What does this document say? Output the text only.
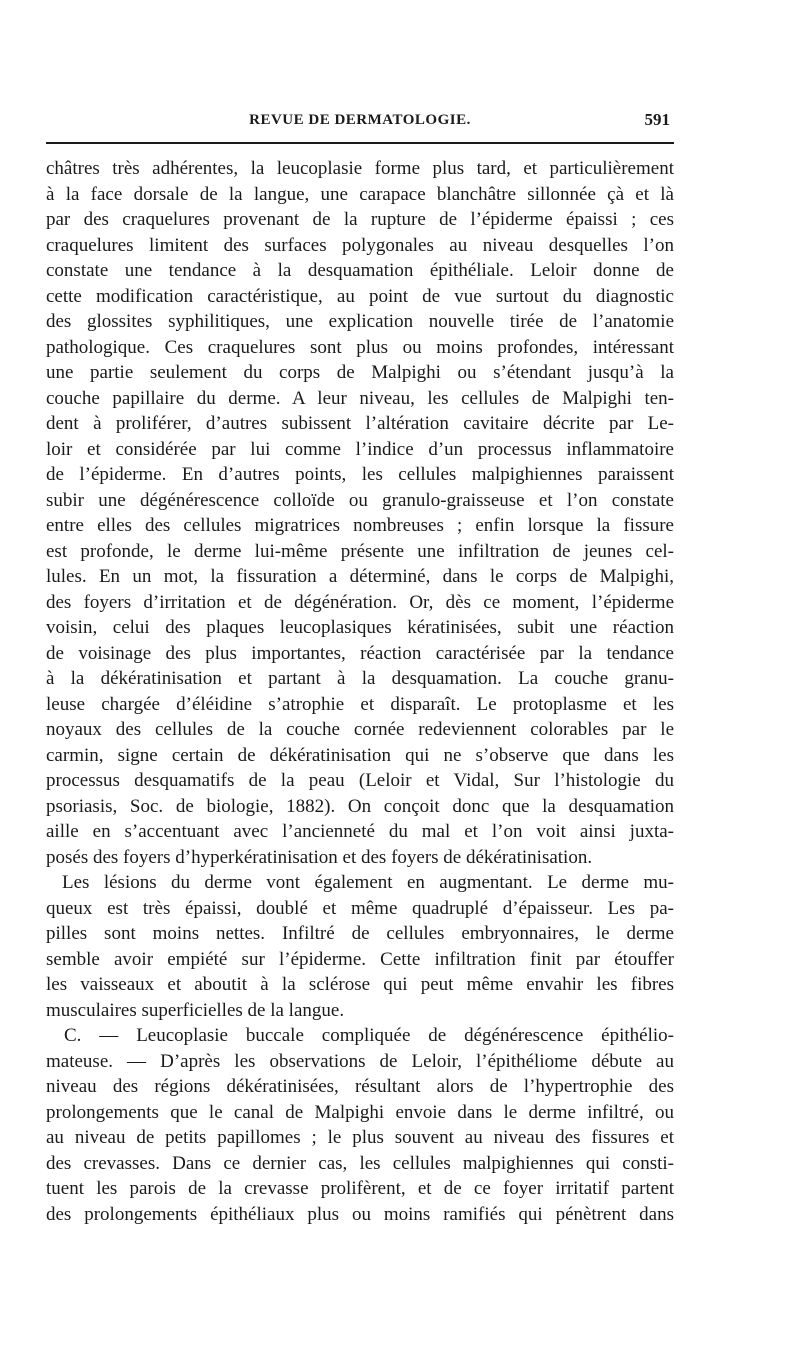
REVUE DE DERMATOLOGIE.	591
châtres très adhérentes, la leucoplasie forme plus tard, et particulièrement
à la face dorsale de la langue, une carapace blanchâtre sillonnée çà et là
par des craquelures provenant de la rupture de l’épiderme épaissi ; ces
craquelures limitent des surfaces polygonales au niveau desquelles l’on
constate une tendance à la desquamation épithéliale. Leloir donne de
cette modification caractéristique, au point de vue surtout du diagnostic
des glossites syphilitiques, une explication nouvelle tirée de l’anatomie
pathologique. Ces craquelures sont plus ou moins profondes, intéressant
une partie seulement du corps de Malpighi ou s’étendant jusqu’à la
couche papillaire du derme. A leur niveau, les cellules de Malpighi ten-
dent à proliférer, d’autres subissent l’altération cavitaire décrite par Le-
loir et considérée par lui comme l’indice d’un processus inflammatoire
de l’épiderme. En d’autres points, les cellules malpighiennes paraissent
subir une dégénérescence colloïde ou granulo-graisseuse et l’on constate
entre elles des cellules migratrices nombreuses ; enfin lorsque la fissure
est profonde, le derme lui-même présente une infiltration de jeunes cel-
lules. En un mot, la fissuration a déterminé, dans le corps de Malpighi,
des foyers d’irritation et de dégénération. Or, dès ce moment, l’épiderme
voisin, celui des plaques leucoplasiques kératinisées, subit une réaction
de voisinage des plus importantes, réaction caractérisée par la tendance
à la dékératinisation et partant à la desquamation. La couche granu-
leuse chargée d’éléidine s’atrophie et disparaît. Le protoplasme et les
noyaux des cellules de la couche cornée redeviennent colorables par le
carmin, signe certain de dékératinisation qui ne s’observe que dans les
processus desquamatifs de la peau (Leloir et Vidal, Sur l’histologie du
psoriasis, Soc. de biologie, 1882). On conçoit donc que la desquamation
aille en s’accentuant avec l’ancienneté du mal et l’on voit ainsi juxta-
posés des foyers d’hyperkératinisation et des foyers de dékératinisation.
Les lésions du derme vont également en augmentant. Le derme mu-
queux est très épaissi, doublé et même quadruplé d’épaisseur. Les pa-
pilles sont moins nettes. Infiltré de cellules embryonnaires, le derme
semble avoir empiété sur l’épiderme. Cette infiltration finit par étouffer
les vaisseaux et aboutit à la sclérose qui peut même envahir les fibres
musculaires superficielles de la langue.
C. — Leucoplasie buccale compliquée de dégénérescence épithélio-
mateuse. — D’après les observations de Leloir, l’épithéliome débute au
niveau des régions dékératinisées, résultant alors de l’hypertrophie des
prolongements que le canal de Malpighi envoie dans le derme infiltré, ou
au niveau de petits papillomes ; le plus souvent au niveau des fissures et
des crevasses. Dans ce dernier cas, les cellules malpighiennes qui consti-
tuent les parois de la crevasse prolifèrent, et de ce foyer irritatif partent
des prolongements épithéliaux plus ou moins ramifiés qui pénètrent dans
